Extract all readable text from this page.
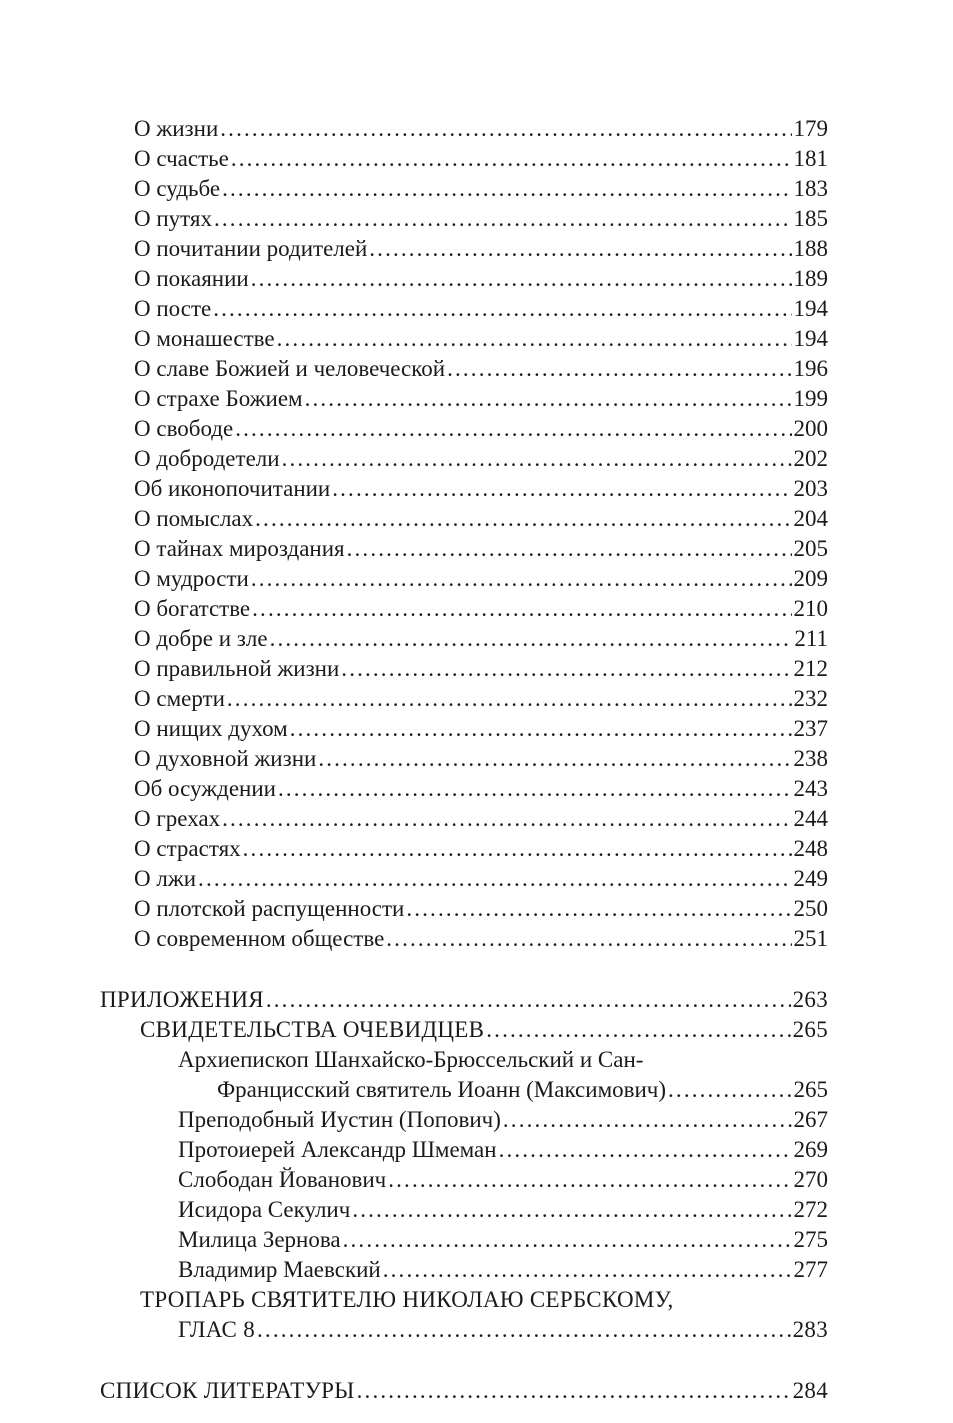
О жизни . . .	179
О счастье . . .	181
О судьбе . . .	183
О путях . . .	185
О почитании родителей . . .	188
О покаянии . . .	189
О посте . . .	194
О монашестве . . .	194
О славе Божией и человеческой . . .	196
О страхе Божием . . .	199
О свободе . . .	200
О добродетели . . .	202
Об иконопочитании . . .	203
О помыслах . . .	204
О тайнах мироздания . . .	205
О мудрости . . .	209
О богатстве . . .	210
О добре и зле . . .	211
О правильной жизни . . .	212
О смерти . . .	232
О нищих духом . . .	237
О духовной жизни . . .	238
Об осуждении . . .	243
О грехах . . .	244
О страстях . . .	248
О лжи . . .	249
О плотской распущенности . . .	250
О современном обществе . . .	251
ПРИЛОЖЕНИЯ . . .	263
СВИДЕТЕЛЬСТВА ОЧЕВИДЦЕВ . . .	265
Архиепископ Шанхайско-Брюссельский и Сан-
Франциcский святитель Иоанн (Максимович) . . .	265
Преподобный Иустин (Попович) . . .	267
Протоиерей Александр Шмеман . . .	269
Слободан Йованович . . .	270
Исидора Секулич . . .	272
Милица Зернова . . .	275
Владимир Маевский . . .	277
ТРОПАРЬ СВЯТИТЕЛЮ НИКОЛАЮ СЕРБСКОМУ,
ГЛАС 8 . . .	283
СПИСОК ЛИТЕРАТУРЫ . . .	284
